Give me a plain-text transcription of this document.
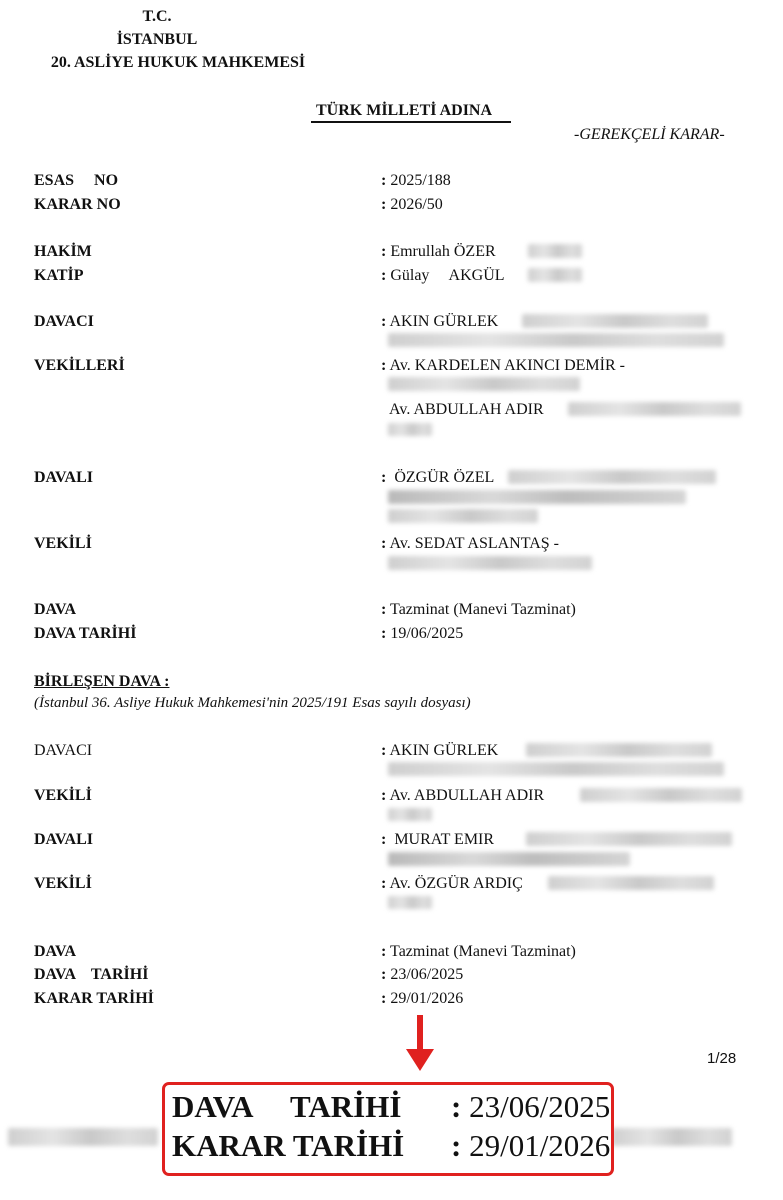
T.C.
İSTANBUL
20. ASLİYE HUKUK MAHKEMESİ
TÜRK MİLLETİ ADINA
-GEREKÇELİ KARAR-
ESAS     NO	: 2025/188
KARAR NO	: 2026/50
HAKİM	: Emrullah ÖZER
KATİP	: Gülay     AKGÜL
DAVACI	: AKIN GÜRLEK
VEKİLLERİ	: Av. KARDELEN AKINCI DEMİR -
Av. ABDULLAH ADIR
DAVALI	:  ÖZGÜR ÖZEL
VEKİLİ	: Av. SEDAT ASLANTAŞ -
DAVA	: Tazminat (Manevi Tazminat)
DAVA TARİHİ	: 19/06/2025
BİRLEŞEN DAVA :
(İstanbul 36. Asliye Hukuk Mahkemesi'nin 2025/191 Esas sayılı dosyası)
DAVACI	: AKIN GÜRLEK
VEKİLİ	: Av. ABDULLAH ADIR
DAVALI	:  MURAT EMIR
VEKİLİ	: Av. ÖZGÜR ARDIÇ
DAVA	: Tazminat (Manevi Tazminat)
DAVA    TARİHİ	: 23/06/2025
KARAR TARİHİ	: 29/01/2026
1/28
DAVA     TARİHİ : 23/06/2025
KARAR TARİHİ : 29/01/2026
